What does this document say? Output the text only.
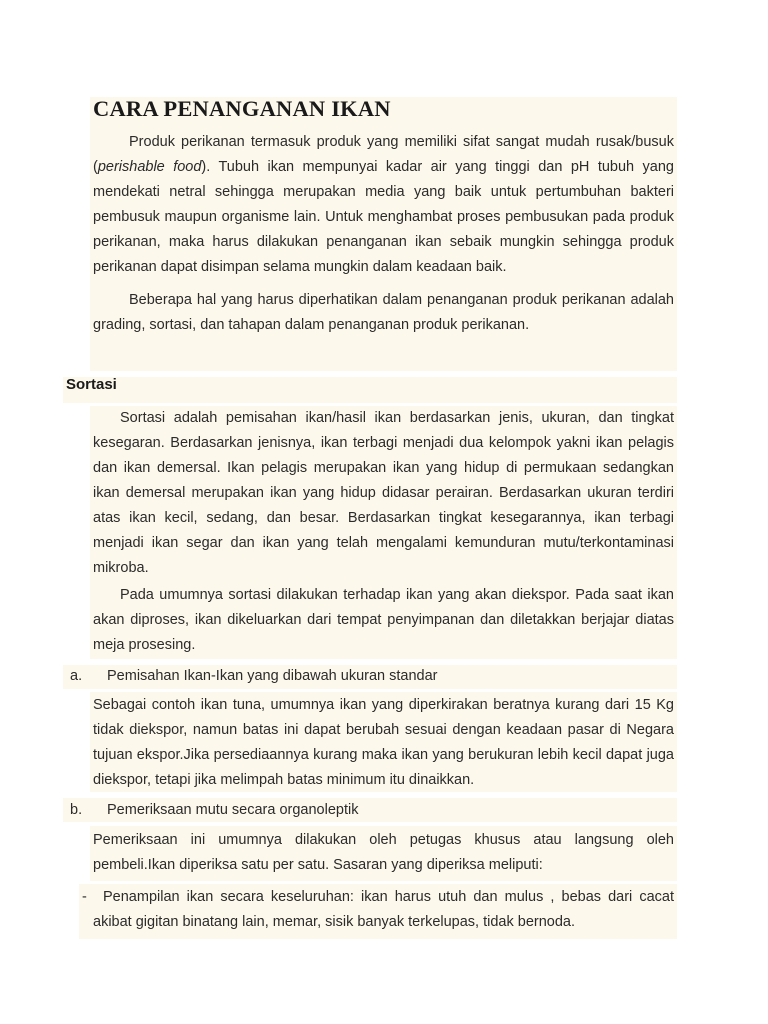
CARA PENANGANAN IKAN

Produk perikanan termasuk produk yang memiliki sifat sangat mudah rusak/busuk (perishable food). Tubuh ikan mempunyai kadar air yang tinggi dan pH tubuh yang mendekati netral sehingga merupakan media yang baik untuk pertumbuhan bakteri pembusuk maupun organisme lain. Untuk menghambat proses pembusukan pada produk perikanan, maka harus dilakukan penanganan ikan sebaik mungkin sehingga produk perikanan dapat disimpan selama mungkin dalam keadaan baik.

Beberapa hal yang harus diperhatikan dalam penanganan produk perikanan adalah grading, sortasi, dan tahapan dalam penanganan produk perikanan.

Sortasi

Sortasi adalah pemisahan ikan/hasil ikan berdasarkan jenis, ukuran, dan tingkat kesegaran. Berdasarkan jenisnya, ikan terbagi menjadi dua kelompok yakni ikan pelagis dan ikan demersal. Ikan pelagis merupakan ikan yang hidup di permukaan sedangkan ikan demersal merupakan ikan yang hidup didasar perairan. Berdasarkan ukuran terdiri atas ikan kecil, sedang, dan besar. Berdasarkan tingkat kesegarannya, ikan terbagi menjadi ikan segar dan ikan yang telah mengalami kemunduran mutu/terkontaminasi mikroba.

Pada umumnya sortasi dilakukan terhadap ikan yang akan diekspor. Pada saat ikan akan diproses, ikan dikeluarkan dari tempat penyimpanan dan diletakkan berjajar diatas meja prosesing.

a. Pemisahan Ikan-Ikan yang dibawah ukuran standar

Sebagai contoh ikan tuna, umumnya ikan yang diperkirakan beratnya kurang dari 15 Kg tidak diekspor, namun batas ini dapat berubah sesuai dengan keadaan pasar di Negara tujuan ekspor.Jika persediaannya kurang maka ikan yang berukuran lebih kecil dapat juga diekspor, tetapi jika melimpah batas minimum itu dinaikkan.

b. Pemeriksaan mutu secara organoleptik

Pemeriksaan ini umumnya dilakukan oleh petugas khusus atau langsung oleh pembeli.Ikan diperiksa satu per satu. Sasaran yang diperiksa meliputi:

-	Penampilan ikan secara keseluruhan: ikan harus utuh dan mulus , bebas dari cacat akibat gigitan binatang lain, memar, sisik banyak terkelupas, tidak bernoda.
